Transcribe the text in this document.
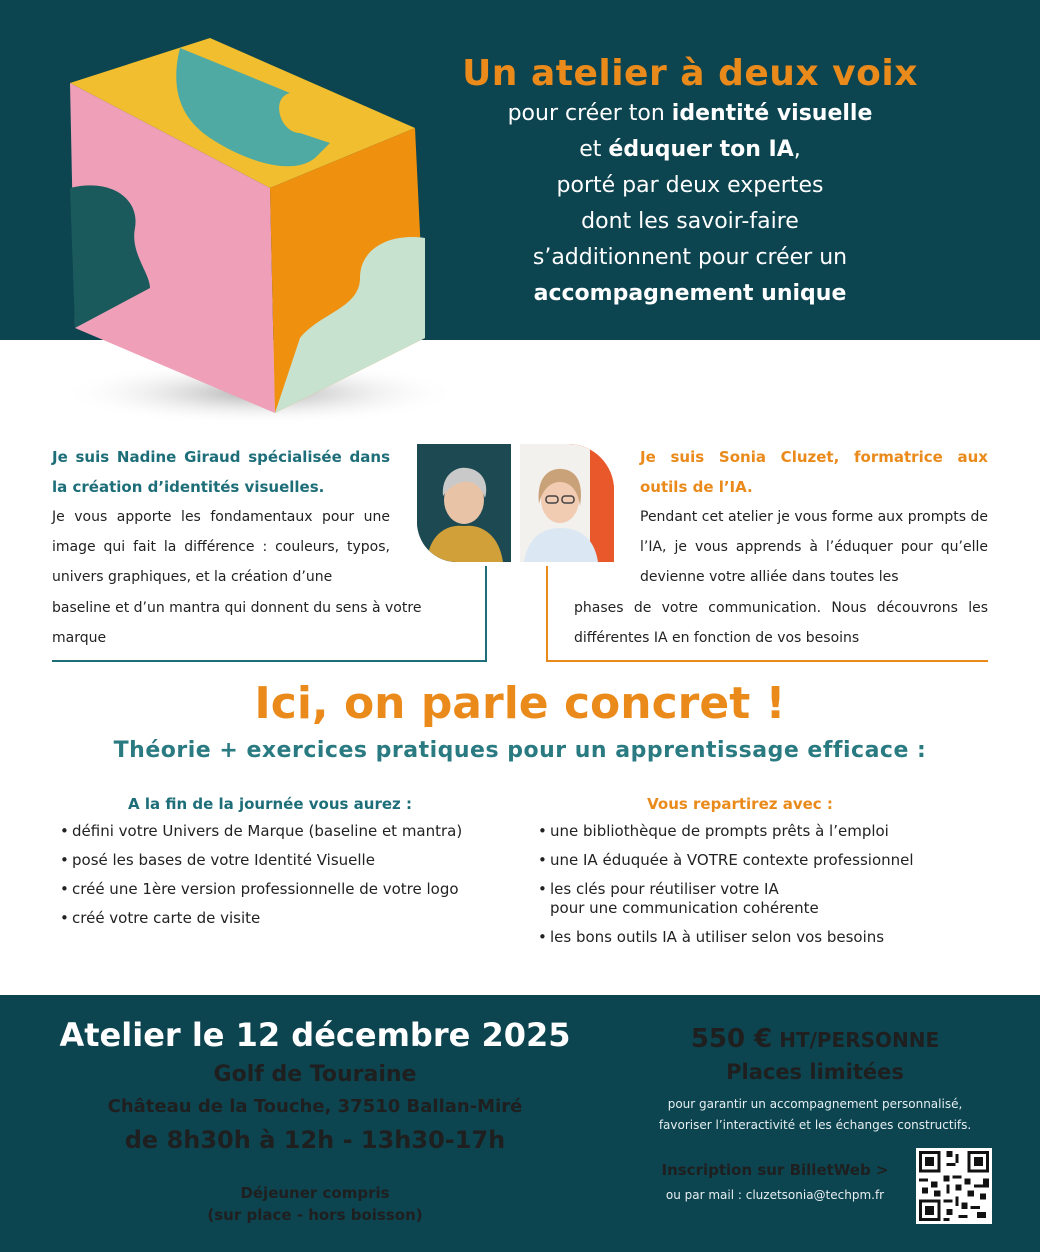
Un atelier à deux voix
pour créer ton identité visuelle
et éduquer ton IA,
porté par deux expertes
dont les savoir-faire
s’additionnent pour créer un
accompagnement unique
Je suis Nadine Giraud spécialisée dans la création d’identités visuelles.
Je vous apporte les fondamentaux pour une image qui fait la différence : couleurs, typos, univers graphiques, et la création d’une
baseline et d’un mantra qui donnent du sens à votre marque
Je suis Sonia Cluzet, formatrice aux outils de l’IA.
Pendant cet atelier je vous forme aux prompts de l’IA, je vous apprends à l’éduquer pour qu’elle devienne votre alliée dans toutes les
phases de votre communication. Nous découvrons les différentes IA en fonction de vos besoins
Ici, on parle concret !
Théorie + exercices pratiques pour un apprentissage efficace :
A la fin de la journée vous aurez :
• défini votre Univers de Marque (baseline et mantra)
• posé les bases de votre Identité Visuelle
• créé une 1ère version professionnelle de votre logo
• créé votre carte de visite
Vous repartirez avec :
• une bibliothèque de prompts prêts à l’emploi
• une IA éduquée à VOTRE contexte professionnel
• les clés pour réutiliser votre IA
pour une communication cohérente
• les bons outils IA à utiliser selon vos besoins
Atelier le 12 décembre 2025
Golf de Touraine
Château de la Touche, 37510 Ballan-Miré
de 8h30h à 12h - 13h30-17h
Déjeuner compris
(sur place - hors boisson)
550 € HT/PERSONNE
Places limitées
pour garantir un accompagnement personnalisé,
favoriser l’interactivité et les échanges constructifs.
Inscription sur BilletWeb >
ou par mail : cluzetsonia@techpm.fr
